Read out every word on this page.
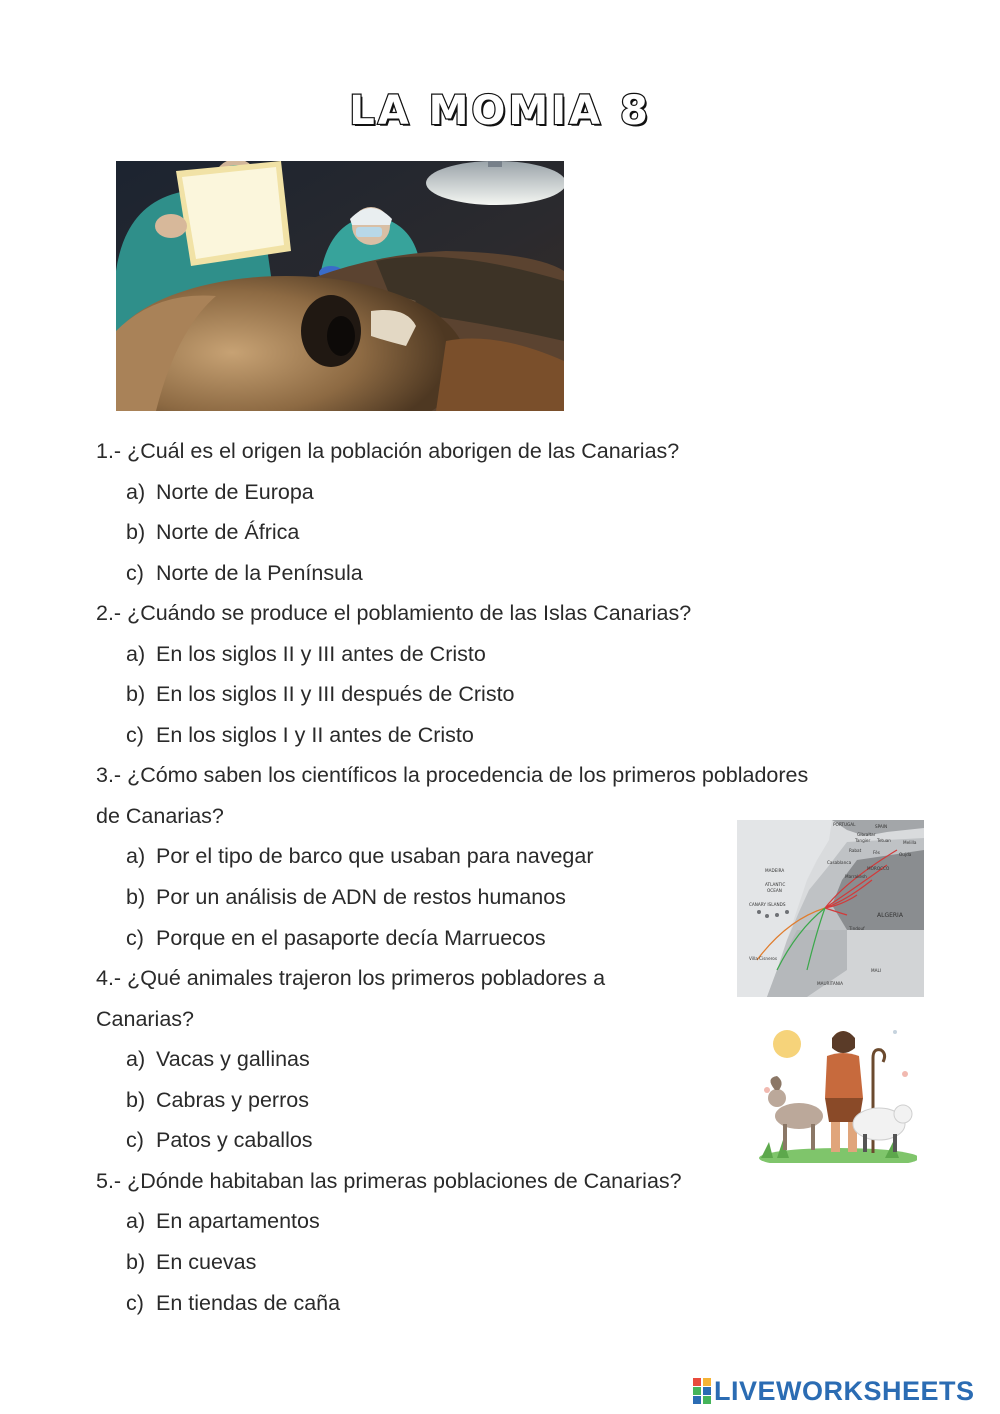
LA MOMIA 8
1.- ¿Cuál es el origen la población aborigen de las Canarias?
a) Norte de Europa
b) Norte de África
c) Norte de la Península
2.- ¿Cuándo se produce el poblamiento de las Islas Canarias?
a) En los siglos II y III antes de Cristo
b) En los siglos II y III después de Cristo
c) En los siglos I y II antes de Cristo
3.- ¿Cómo saben los científicos la procedencia de los primeros pobladores
de Canarias?
a) Por el tipo de barco que usaban para navegar
b) Por un análisis de ADN de restos humanos
c) Porque en el pasaporte decía Marruecos
4.- ¿Qué animales trajeron los primeros pobladores a
Canarias?
a) Vacas y gallinas
b) Cabras y perros
c) Patos y caballos
5.- ¿Dónde habitaban las primeras poblaciones de Canarias?
a) En apartamentos
b) En cuevas
c) En tiendas de caña
PORTUGAL	SPAIN
Gibraltar
Tangier Tetuan	Melilla
Oujda
Rabat	Fès
Casablanca
MOROCCO
Marrakesh
MADEIRA
ATLANTIC
OCEAN
CANARY ISLANDS
ALGERIA
Tindouf
Villa Cisneros
MAURITANIA
MALI
LIVEWORKSHEETS
